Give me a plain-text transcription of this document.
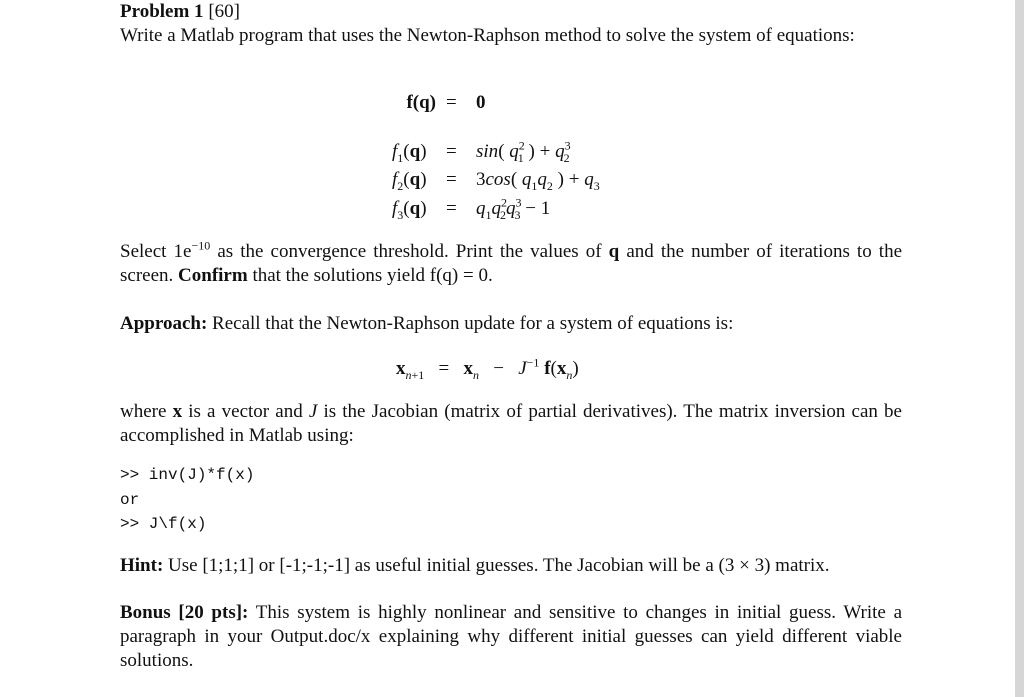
Problem 1 [60]
Write a Matlab program that uses the Newton-Raphson method to solve the system of equations:
f(q) = 0
$f_1(q) = \sin$( $q^2_1$ ) + $q^3_2$
$f_2(q) = 3\cos$( $q_1q_2$ ) + $q_3$
$f_3(q) = q_1q^2_2q^3_3 - 1$
Select $1e^{-10}$ as the convergence threshold. Print the values of q and the number of iterations to the screen. Confirm that the solutions yield f(q) = 0.
Approach: Recall that the Newton-Raphson update for a system of equations is:
$x_{n+1} = x_n - J^{-1}$ $f(x_n)$
where x is a vector and J is the Jacobian (matrix of partial derivatives). The matrix inversion can be accomplished in Matlab using:
>> inv(J)*f(x)
or
>> J\f(x)
Hint: Use [1;1;1] or [-1;-1;-1] as useful initial guesses. The Jacobian will be a (3 × 3) matrix.
Bonus [20 pts]: This system is highly nonlinear and sensitive to changes in initial guess. Write a paragraph in your Output.doc/x explaining why different initial guesses can yield different viable solutions.
